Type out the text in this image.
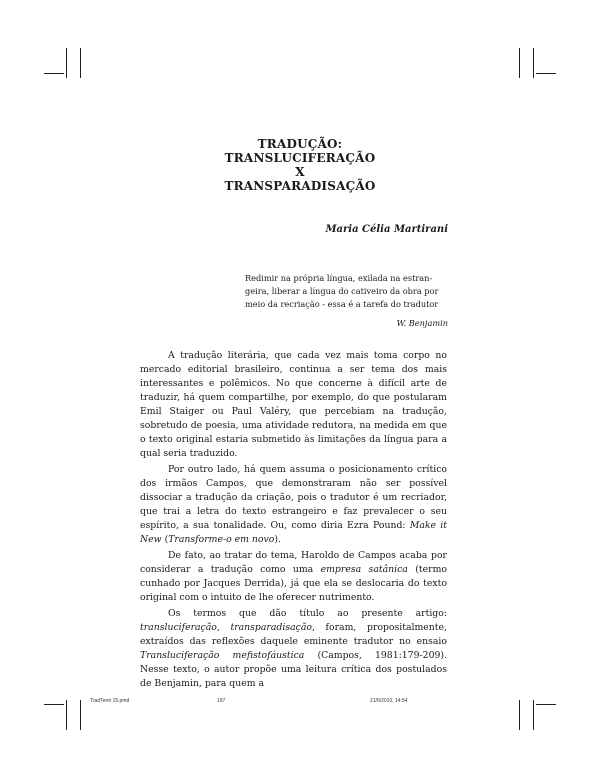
TRADUÇÃO:
TRANSLUCIFERAÇÃO
X
TRANSPARADISAÇÃO
Maria Célia Martirani

Redimir na própria língua, exilada na estran-

geira, liberar a língua do cativeiro da obra por

meio da recriação - essa é a tarefa do tradutor

W. Benjamin

A tradução literária, que cada vez mais toma corpo no mercado editorial brasileiro, continua a ser tema dos mais interessantes e polêmicos. No que concerne à difícil arte de traduzir, há quem compartilhe, por exemplo, do que postularam Emil Staiger ou Paul Valéry, que percebiam na tradução, sobretudo de poesia, uma atividade redutora, na medida em que o texto original estaria submetido às limitações da língua para a qual seria traduzido.

Por outro lado, há quem assuma o posicionamento crítico dos irmãos Campos, que demonstraram não ser possível dissociar a tradução da criação, pois o tradutor é um recriador, que trai a letra do texto estrangeiro e faz prevalecer o seu espírito, a sua tonalidade. Ou, como diria Ezra Pound: Make it New (Transforme-o em novo).

De fato, ao tratar do tema, Haroldo de Campos acaba por considerar a tradução como uma empresa satânica (termo cunhado por Jacques Derrida), já que ela se deslocaria do texto original com o intuito de lhe oferecer nutrimento.

Os termos que dão título ao presente artigo: transluciferação, transparadisação, foram, propositalmente, extraídos das reflexões daquele eminente tradutor no ensaio Transluciferação mefistofáustica (Campos, 1981:179-209). Nesse texto, o autor propõe uma leitura crítica dos postulados de Benjamin, para quem a

TradTerm 15.pmd	197	21/6/2010, 14:54
